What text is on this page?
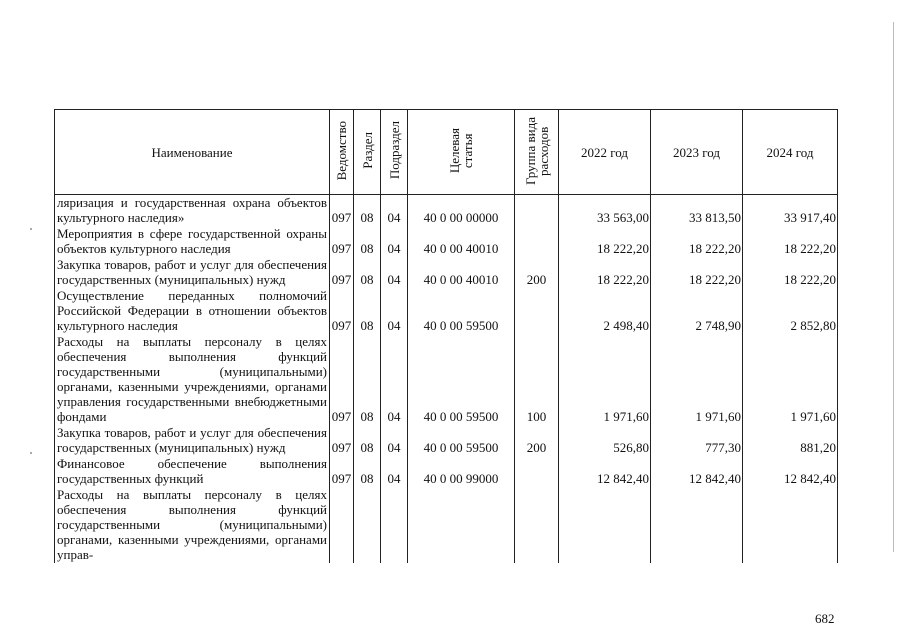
Наименование	Ведомство	Раздел	Подраздел	Целевая
статья	Группа вида
расходов	2022 год	2023 год	2024 год
ляризация и государственная охрана объектов культурного наследия»	097	08	04	40 0 00 00000		33 563,00	33 813,50	33 917,40
Мероприятия в сфере государственной охраны объектов культурного наследия	097	08	04	40 0 00 40010		18 222,20	18 222,20	18 222,20
Закупка товаров, работ и услуг для обеспечения государственных (муниципальных) нужд	097	08	04	40 0 00 40010	200	18 222,20	18 222,20	18 222,20
Осуществление переданных полномочий Российской Федерации в отношении объектов культурного наследия	097	08	04	40 0 00 59500		2 498,40	2 748,90	2 852,80
Расходы на выплаты персоналу в целях обеспечения выполнения функций государственными (муниципальными) органами, казенными учреждениями, органами управления государственными внебюджетными фондами	097	08	04	40 0 00 59500	100	1 971,60	1 971,60	1 971,60
Закупка товаров, работ и услуг для обеспечения государственных (муниципальных) нужд	097	08	04	40 0 00 59500	200	526,80	777,30	881,20
Финансовое обеспечение выполнения государственных функций	097	08	04	40 0 00 99000		12 842,40	12 842,40	12 842,40
Расходы на выплаты персоналу в целях обеспечения выполнения функций государственными (муниципальными) органами, казенными учреждениями, органами управ-								
682
